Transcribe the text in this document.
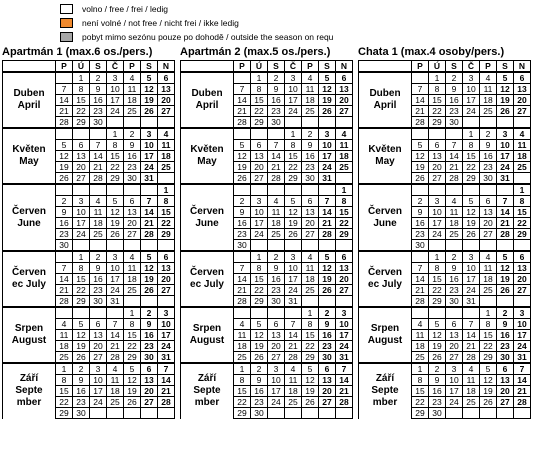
volno / free / frei / ledig
není volné / not free / nicht frei / ikke ledig
pobyt mimo sezónu pouze po dohodě / outside the season on requ
Apartmán 1 (max.6 os./pers.)
	P	Ú	S	Č	P	S	N
Duben
April		1	2	3	4	5	6
	7	8	9	10	11	12	13
	14	15	16	17	18	19	20
	21	22	23	24	25	26	27
	28	29	30				
Květen
May				1	2	3	4
	5	6	7	8	9	10	11
	12	13	14	15	16	17	18
	19	20	21	22	23	24	25
	26	27	28	29	30	31	
Červen
June							1
	2	3	4	5	6	7	8
	9	10	11	12	13	14	15
	16	17	18	19	20	21	22
	23	24	25	26	27	28	29
	30						
Červen
ec July		1	2	3	4	5	6
	7	8	9	10	11	12	13
	14	15	16	17	18	19	20
	21	22	23	24	25	26	27
	28	29	30	31			
Srpen
August					1	2	3
	4	5	6	7	8	9	10
	11	12	13	14	15	16	17
	18	19	20	21	22	23	24
	25	26	27	28	29	30	31
Září
Septe
mber	1	2	3	4	5	6	7
	8	9	10	11	12	13	14
	15	16	17	18	19	20	21
	22	23	24	25	26	27	28
	29	30					
Apartmán 2 (max.5 os./pers.)
	P	Ú	S	Č	P	S	N
Duben
April		1	2	3	4	5	6
	7	8	9	10	11	12	13
	14	15	16	17	18	19	20
	21	22	23	24	25	26	27
	28	29	30				
Květen
May				1	2	3	4
	5	6	7	8	9	10	11
	12	13	14	15	16	17	18
	19	20	21	22	23	24	25
	26	27	28	29	30	31	
Červen
June							1
	2	3	4	5	6	7	8
	9	10	11	12	13	14	15
	16	17	18	19	20	21	22
	23	24	25	26	27	28	29
	30						
Červen
ec July		1	2	3	4	5	6
	7	8	9	10	11	12	13
	14	15	16	17	18	19	20
	21	22	23	24	25	26	27
	28	29	30	31			
Srpen
August					1	2	3
	4	5	6	7	8	9	10
	11	12	13	14	15	16	17
	18	19	20	21	22	23	24
	25	26	27	28	29	30	31
Září
Septe
mber	1	2	3	4	5	6	7
	8	9	10	11	12	13	14
	15	16	17	18	19	20	21
	22	23	24	25	26	27	28
	29	30					
Chata 1 (max.4 osoby/pers.)
	P	Ú	S	Č	P	S	N
Duben
April		1	2	3	4	5	6
	7	8	9	10	11	12	13
	14	15	16	17	18	19	20
	21	22	23	24	25	26	27
	28	29	30				
Květen
May				1	2	3	4
	5	6	7	8	9	10	11
	12	13	14	15	16	17	18
	19	20	21	22	23	24	25
	26	27	28	29	30	31	
Červen
June							1
	2	3	4	5	6	7	8
	9	10	11	12	13	14	15
	16	17	18	19	20	21	22
	23	24	25	26	27	28	29
	30						
Červen
ec July		1	2	3	4	5	6
	7	8	9	10	11	12	13
	14	15	16	17	18	19	20
	21	22	23	24	25	26	27
	28	29	30	31			
Srpen
August					1	2	3
	4	5	6	7	8	9	10
	11	12	13	14	15	16	17
	18	19	20	21	22	23	24
	25	26	27	28	29	30	31
Září
Septe
mber	1	2	3	4	5	6	7
	8	9	10	11	12	13	14
	15	16	17	18	19	20	21
	22	23	24	25	26	27	28
	29	30					
